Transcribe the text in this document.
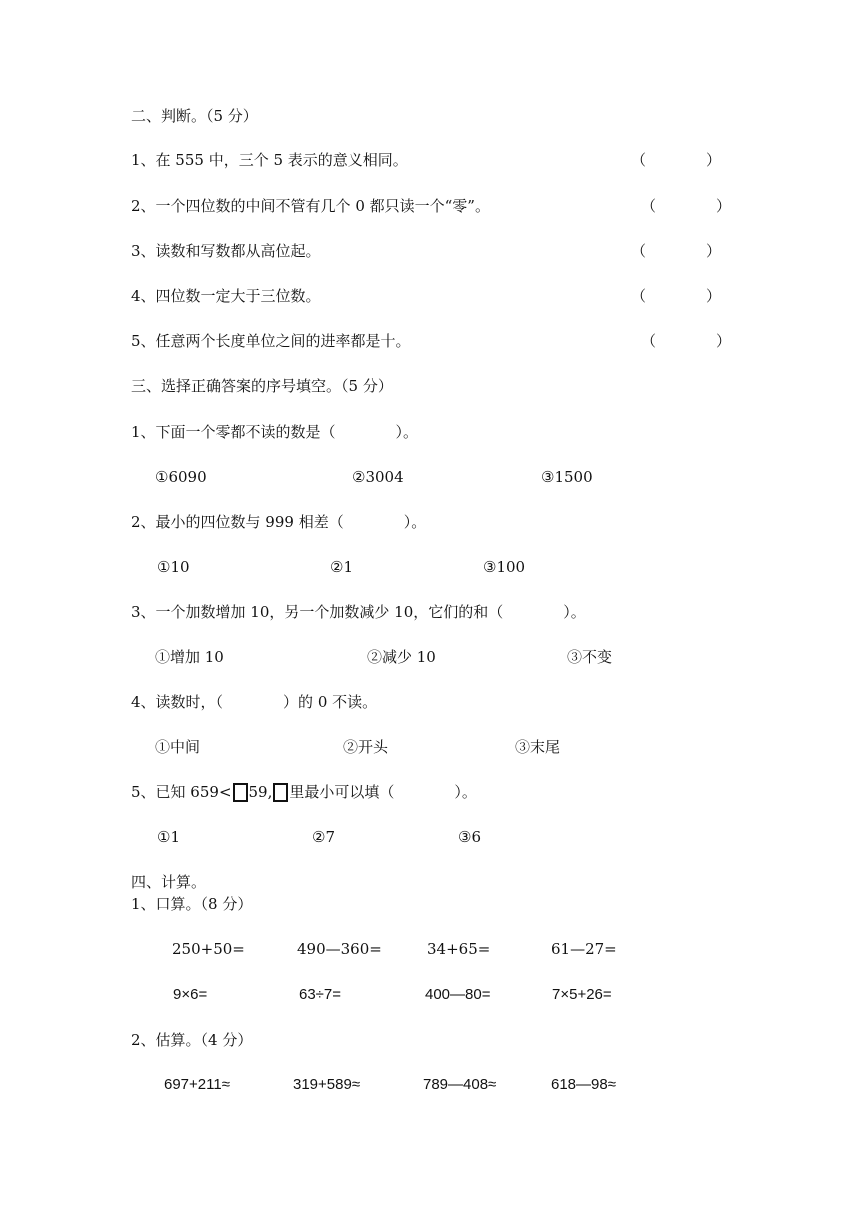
二、判断。（5 分）
1、在 555 中，三个 5 表示的意义相同。	（　　　　）
2、一个四位数的中间不管有几个 0 都只读一个“零”。	（　　　　）
3、读数和写数都从高位起。	（　　　　）
4、四位数一定大于三位数。	（　　　　）
5、任意两个长度单位之间的进率都是十。	（　　　　）
三、选择正确答案的序号填空。（5 分）
1、下面一个零都不读的数是（　　　　）。
①6090	②3004	③1500
2、最小的四位数与 999 相差（　　　　）。
①10	②1	③100
3、一个加数增加 10，另一个加数减少 10，它们的和（　　　　）。
①增加 10	②减少 10	③不变
4、读数时，（　　　　）的 0 不读。
①中间	②开头	③末尾
5、已知 659< 59, 里最小可以填（　　　　）。
①1	②7	③6
四、计算。
1、口算。（8 分）
250+50=	490—360=	34+65=	61—27=
9×6=	63÷7=	400—80=	7×5+26=
2、估算。（4 分）
697+211≈	319+589≈	789—408≈	618—98≈
